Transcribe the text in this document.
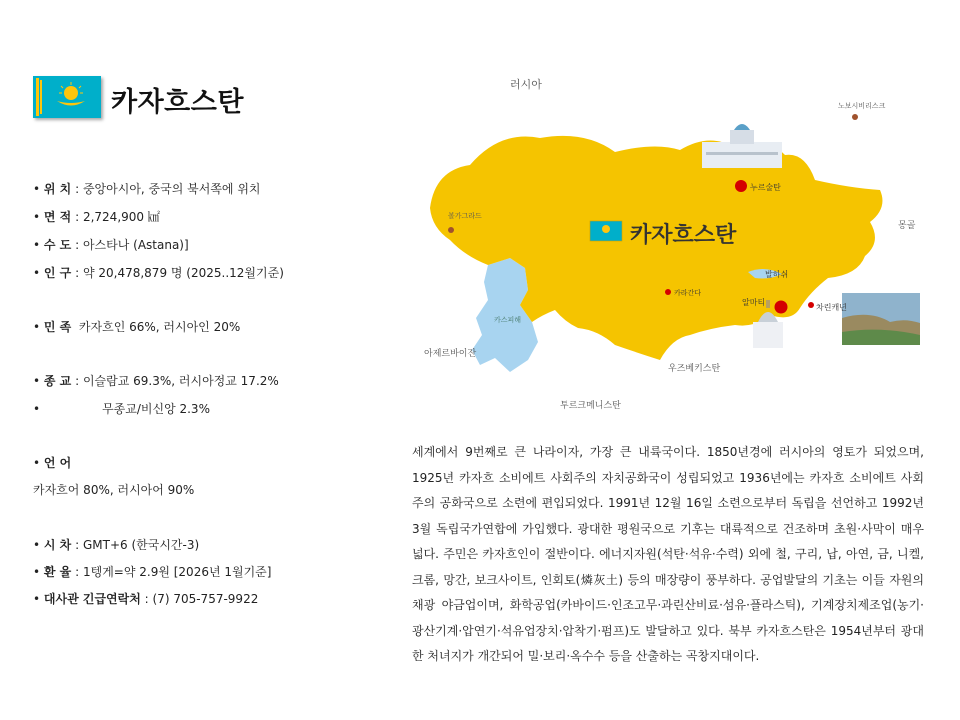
카자흐스탄
• 위 치 : 중앙아시아, 중국의 북서쪽에 위치
• 면 적 : 2,724,900 ㎢
• 수 도 : 아스타나 (Astana)]
• 인 구 : 약 20,478,879 명 (2025..12월기준)
• 민 족 카자흐인 66%, 러시아인 20%
• 종 교 : 이슬람교 69.3%, 러시아정교 17.2%
•	무종교/비신앙 2.3%
• 언 어
카자흐어 80%, 러시아어 90%
• 시 차 : GMT+6 (한국시간-3)
• 환 율 : 1텡게=약 2.9원 [2026년 1월기준]
• 대사관 긴급연락처 : (7) 705-757-9922
러시아
노보시비리스크
볼가그라드
몽골
아제르바이잔
우즈베키스탄
투르크메니스탄
카스피해
카자흐스탄
누르술탄
카라간다
발하쉬
알마티
차린캐년
세계에서 9번째로 큰 나라이자, 가장 큰 내륙국이다. 1850년경에 러시아의 영토가 되었으며, 1925년 카자흐 소비에트 사회주의 자치공화국이 성립되었고 1936년에는 카자흐 소비에트 사회주의 공화국으로 소련에 편입되었다. 1991년 12월 16일 소련으로부터 독립을 선언하고 1992년 3월 독립국가연합에 가입했다. 광대한 평원국으로 기후는 대륙적으로 건조하며 초원·사막이 매우 넓다. 주민은 카자흐인이 절반이다. 에너지자원(석탄·석유·수력) 외에 철, 구리, 납, 아연, 금, 니켈, 크롬, 망간, 보크사이트, 인회토(燐灰土) 등의 매장량이 풍부하다. 공업발달의 기초는 이들 자원의 채광 야금업이며, 화학공업(카바이드·인조고무·과린산비료·섬유·플라스틱), 기계장치제조업(농기·광산기계·압연기·석유업장치·압착기·펌프)도 발달하고 있다. 북부 카자흐스탄은 1954년부터 광대한 처녀지가 개간되어 밀·보리·옥수수 등을 산출하는 곡창지대이다.
